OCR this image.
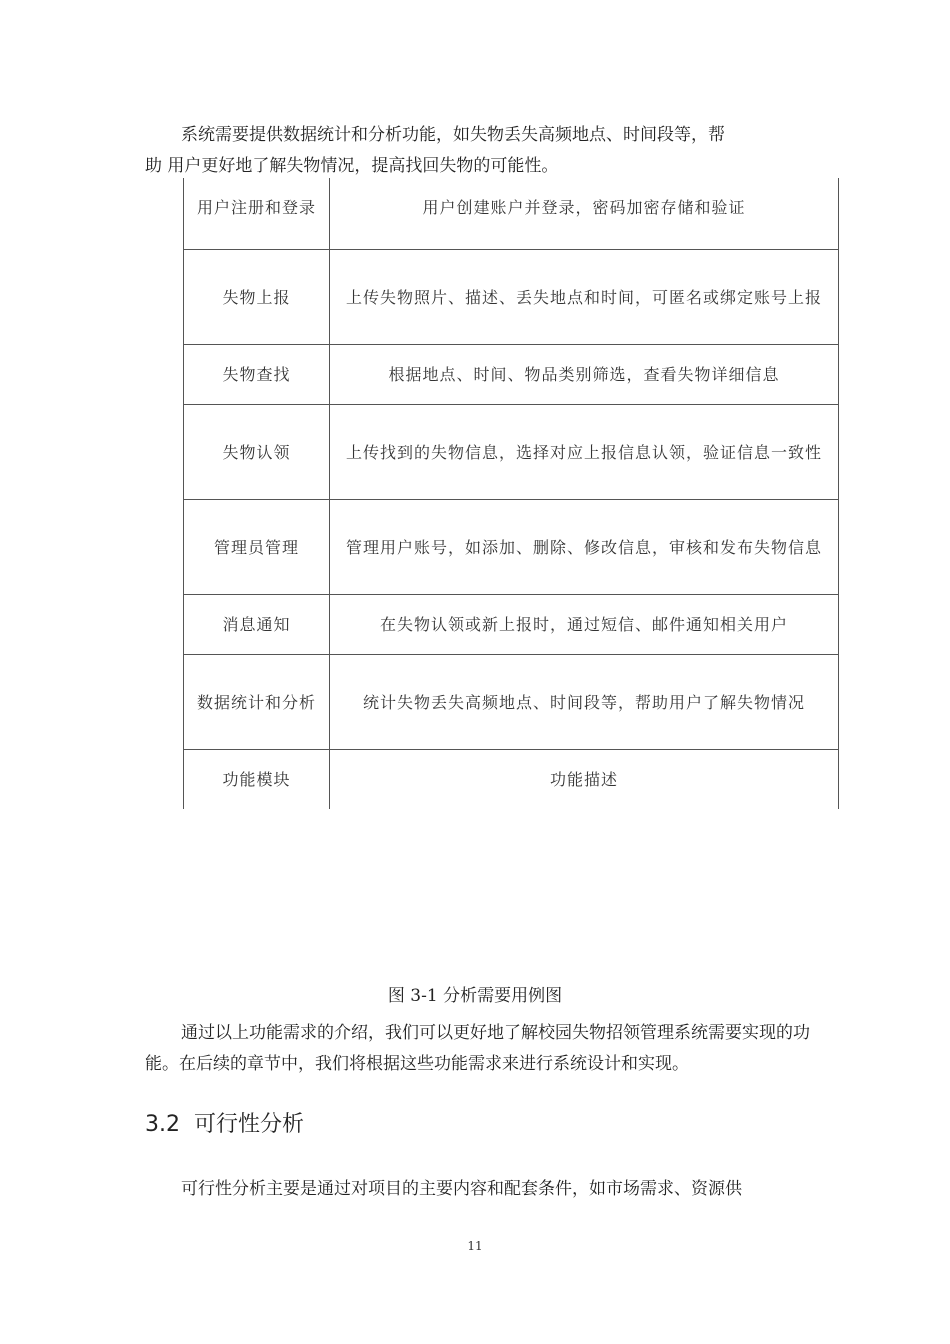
系统需要提供数据统计和分析功能，如失物丢失高频地点、时间段等，帮
助 用户更好地了解失物情况，提高找回失物的可能性。

用户注册和登录	用户创建账户并登录，密码加密存储和验证
失物上报	上传失物照片、描述、丢失地点和时间，可匿名或绑定账号上报
失物查找	根据地点、时间、物品类别筛选，查看失物详细信息
失物认领	上传找到的失物信息，选择对应上报信息认领，验证信息一致性
管理员管理	管理用户账号，如添加、删除、修改信息，审核和发布失物信息
消息通知	在失物认领或新上报时，通过短信、邮件通知相关用户
数据统计和分析	统计失物丢失高频地点、时间段等，帮助用户了解失物情况
功能模块	功能描述
图 3-1 分析需要用例图

通过以上功能需求的介绍，我们可以更好地了解校园失物招领管理系统需要实现的功能。在后续的章节中，我们将根据这些功能需求来进行系统设计和实现。

3.2 可行性分析

可行性分析主要是通过对项目的主要内容和配套条件，如市场需求、资源供

11
